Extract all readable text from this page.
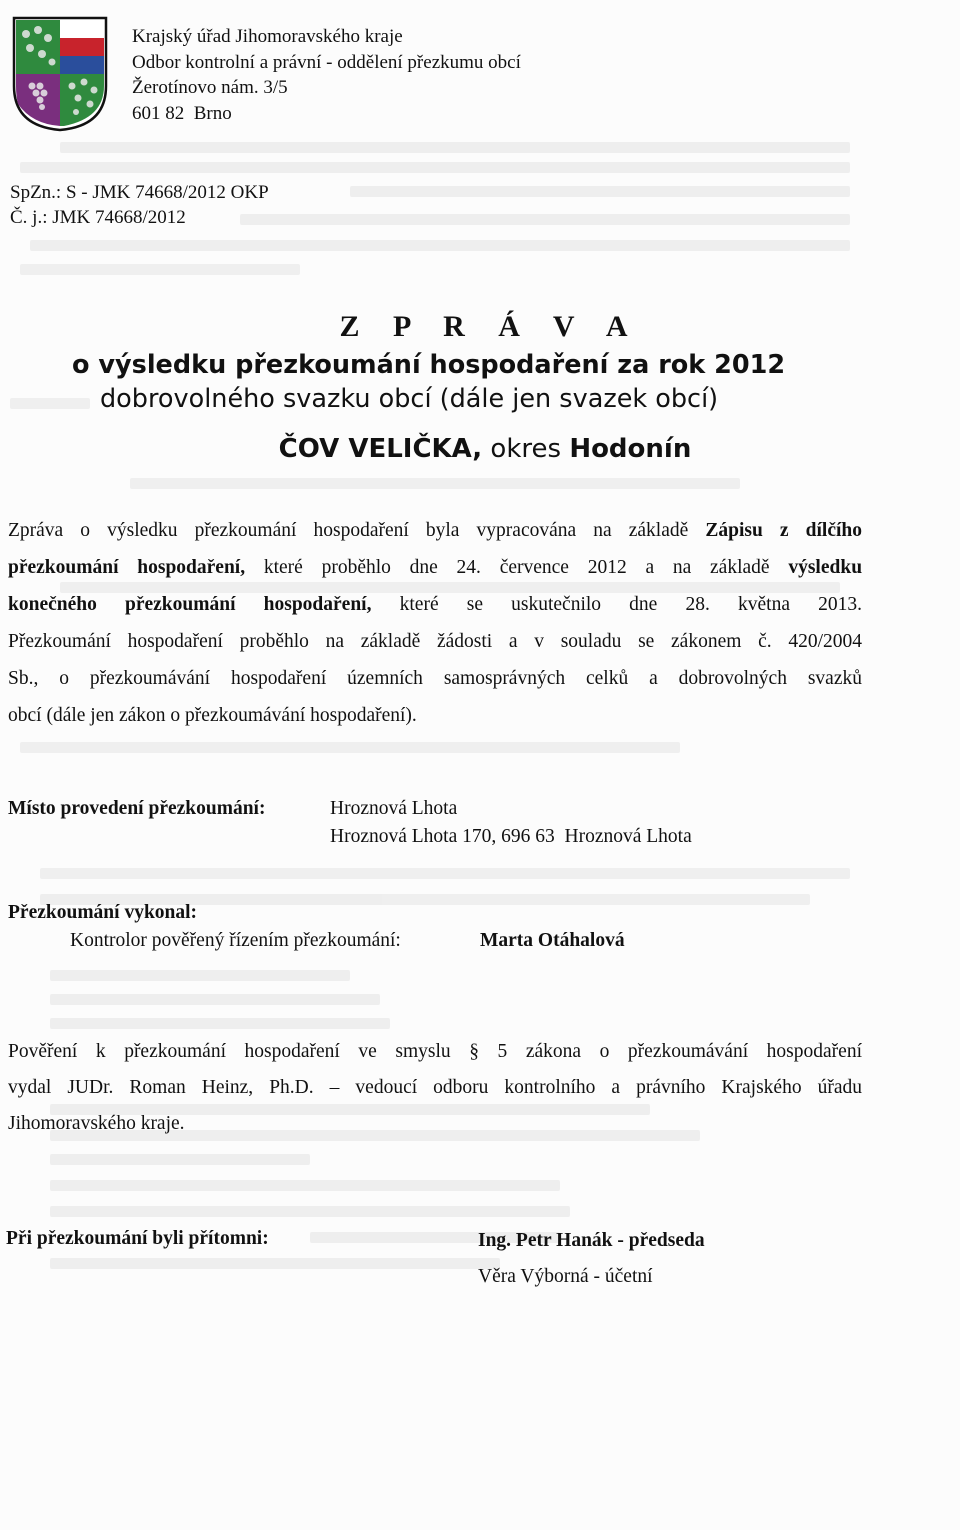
Krajský úřad Jihomoravského kraje
Odbor kontrolní a právní - oddělení přezkumu obcí
Žerotínovo nám. 3/5
601 82  Brno
SpZn.: S - JMK 74668/2012 OKP
Č. j.: JMK 74668/2012
Z P R Á V A
o výsledku přezkoumání hospodaření za rok 2012
dobrovolného svazku obcí (dále jen svazek obcí)
ČOV VELIČKA, okres Hodonín
Zpráva o výsledku přezkoumání hospodaření byla vypracována na základě Zápisu z dílčího
přezkoumání hospodaření, které proběhlo dne 24. července 2012 a na základě výsledku
konečného přezkoumání hospodaření, které se uskutečnilo dne 28. května 2013.
Přezkoumání hospodaření proběhlo na základě žádosti a v souladu se zákonem č. 420/2004
Sb., o přezkoumávání hospodaření územních samosprávných celků a dobrovolných svazků
obcí (dále jen zákon o přezkoumávání hospodaření).
Místo provedení přezkoumání:	Hroznová Lhota
Hroznová Lhota 170, 696 63  Hroznová Lhota
Přezkoumání vykonal:
Kontrolor pověřený řízením přezkoumání:	Marta Otáhalová
Pověření k přezkoumání hospodaření ve smyslu § 5 zákona o přezkoumávání hospodaření
vydal JUDr. Roman Heinz, Ph.D. – vedoucí odboru kontrolního a právního Krajského úřadu
Jihomoravského kraje.
Při přezkoumání byli přítomni:	Ing. Petr Hanák - předseda
Věra Výborná - účetní
